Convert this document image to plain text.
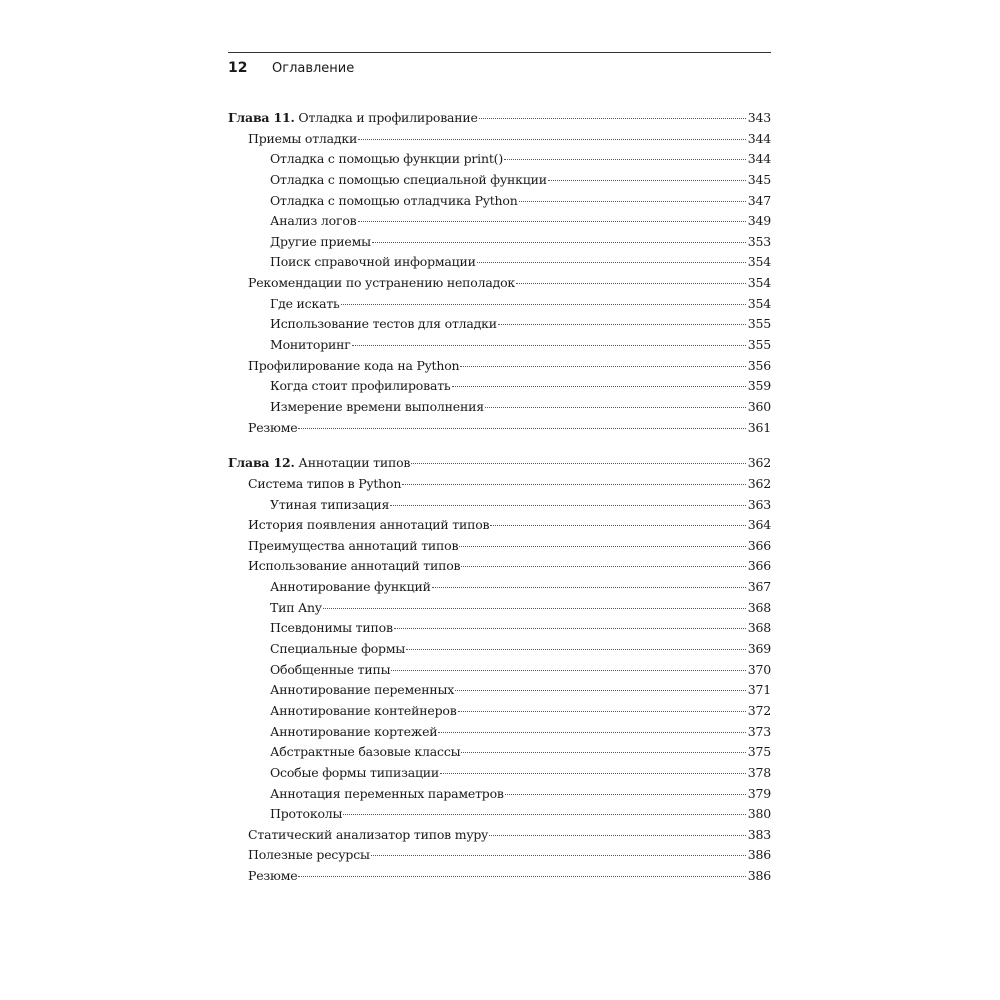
12 Оглавление
Глава 11. Отладка и профилирование	343
Приемы отладки	344
Отладка с помощью функции print()	344
Отладка с помощью специальной функции	345
Отладка с помощью отладчика Python	347
Анализ логов	349
Другие приемы	353
Поиск справочной информации	354
Рекомендации по устранению неполадок	354
Где искать	354
Использование тестов для отладки	355
Мониторинг	355
Профилирование кода на Python	356
Когда стоит профилировать	359
Измерение времени выполнения	360
Резюме	361
Глава 12. Аннотации типов	362
Система типов в Python	362
Утиная типизация	363
История появления аннотаций типов	364
Преимущества аннотаций типов	366
Использование аннотаций типов	366
Аннотирование функций	367
Тип Any	368
Псевдонимы типов	368
Специальные формы	369
Обобщенные типы	370
Аннотирование переменных	371
Аннотирование контейнеров	372
Аннотирование кортежей	373
Абстрактные базовые классы	375
Особые формы типизации	378
Аннотация переменных параметров	379
Протоколы	380
Статический анализатор типов mypy	383
Полезные ресурсы	386
Резюме	386
